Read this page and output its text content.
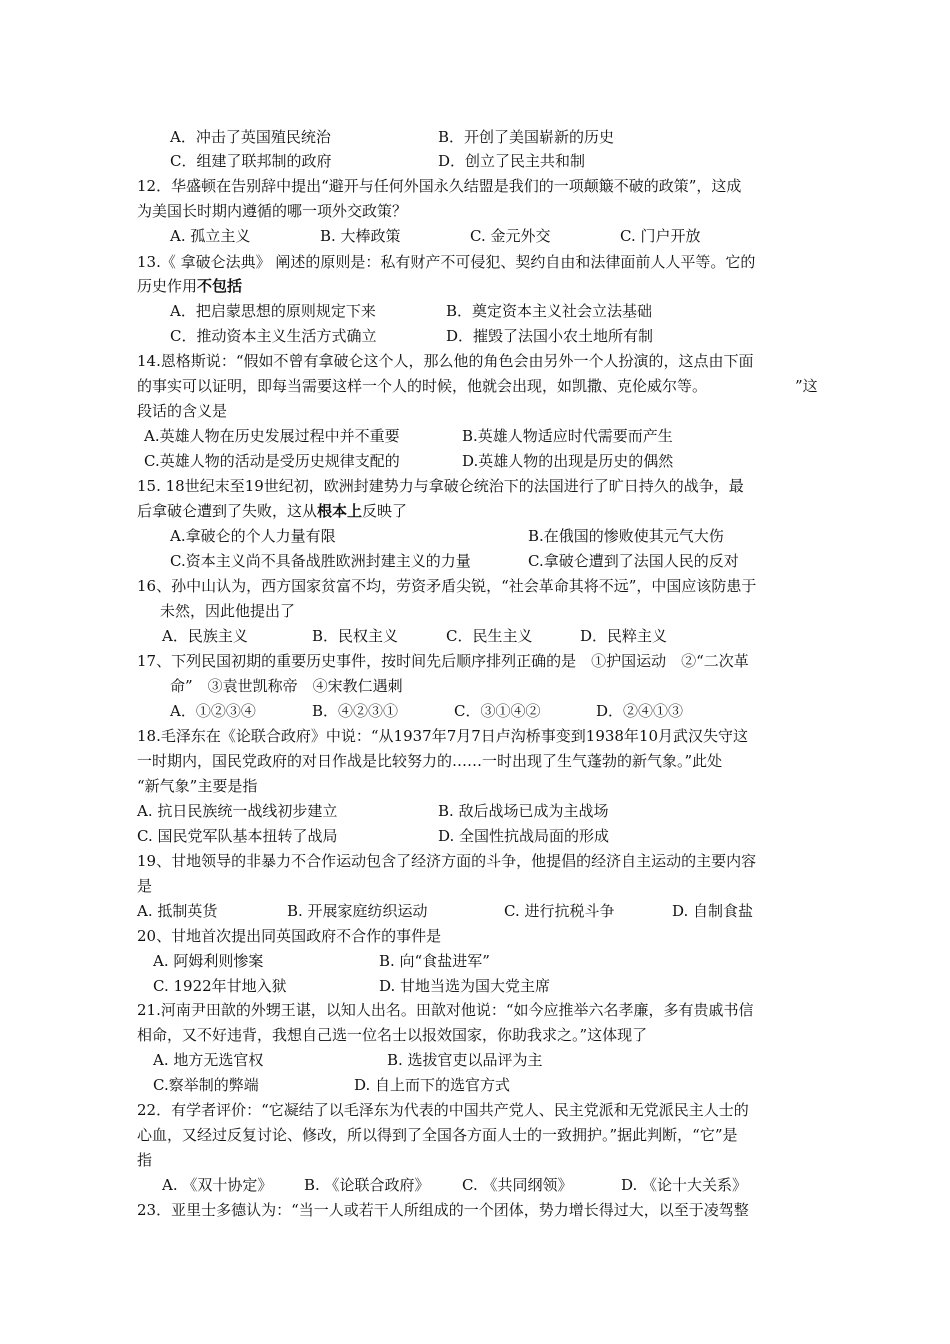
A．冲击了英国殖民统治	B．开创了美国崭新的历史
C．组建了联邦制的政府	D．创立了民主共和制
12．华盛顿在告别辞中提出“避开与任何外国永久结盟是我们的一项颠簸不破的政策”，这成
为美国长时期内遵循的哪一项外交政策？
A. 孤立主义	B. 大棒政策	C. 金元外交	C. 门户开放
13.《 拿破仑法典》 阐述的原则是：私有财产不可侵犯、契约自由和法律面前人人平等。它的
历史作用不包括
A．把启蒙思想的原则规定下来	B．奠定资本主义社会立法基础
C．推动资本主义生活方式确立	D．摧毁了法国小农土地所有制
14.恩格斯说：“假如不曾有拿破仑这个人，那么他的角色会由另外一个人扮演的，这点由下面
的事实可以证明，即每当需要这样一个人的时候，他就会出现，如凯撒、克伦威尔等。	”这
段话的含义是
A.英雄人物在历史发展过程中并不重要	B.英雄人物适应时代需要而产生
C.英雄人物的活动是受历史规律支配的	D.英雄人物的出现是历史的偶然
15. 18世纪末至19世纪初，欧洲封建势力与拿破仑统治下的法国进行了旷日持久的战争，最
后拿破仑遭到了失败，这从根本上反映了
A.拿破仑的个人力量有限	B.在俄国的惨败使其元气大伤
C.资本主义尚不具备战胜欧洲封建主义的力量	C.拿破仑遭到了法国人民的反对
16、孙中山认为，西方国家贫富不均，劳资矛盾尖锐，“社会革命其将不远”，中国应该防患于
未然，因此他提出了
A．民族主义	B．民权主义	C．民生主义	D．民粹主义
17、下列民国初期的重要历史事件，按时间先后顺序排列正确的是　①护国运动　②“二次革
命”　③袁世凯称帝　④宋教仁遇刺
A．①②③④	B．④②③①	C．③①④②	D．②④①③
18.毛泽东在《论联合政府》中说：“从1937年7月7日卢沟桥事变到1938年10月武汉失守这
一时期内，国民党政府的对日作战是比较努力的……一时出现了生气蓬勃的新气象。”此处
“新气象”主要是指
A. 抗日民族统一战线初步建立	B. 敌后战场已成为主战场
C. 国民党军队基本扭转了战局	D. 全国性抗战局面的形成
19、甘地领导的非暴力不合作运动包含了经济方面的斗争，他提倡的经济自主运动的主要内容
是
A. 抵制英货	B. 开展家庭纺织运动	C. 进行抗税斗争	D. 自制食盐
20、甘地首次提出同英国政府不合作的事件是
A. 阿姆利则惨案	B. 向“食盐进军”
C. 1922年甘地入狱	D. 甘地当选为国大党主席
21.河南尹田歆的外甥王谌，以知人出名。田歆对他说：“如今应推举六名孝廉，多有贵戚书信
相命，又不好违背，我想自己选一位名士以报效国家，你助我求之。”这体现了
A. 地方无选官权	B. 选拔官吏以品评为主
C.察举制的弊端	D. 自上而下的选官方式
22．有学者评价：“它凝结了以毛泽东为代表的中国共产党人、民主党派和无党派民主人士的
心血，又经过反复讨论、修改，所以得到了全国各方面人士的一致拥护。”据此判断，“它”是
指
A. 《双十协定》 B. 《论联合政府》 C. 《共同纲领》	D. 《论十大关系》
23．亚里士多德认为：“当一人或若干人所组成的一个团体，势力增长得过大，以至于凌驾整
